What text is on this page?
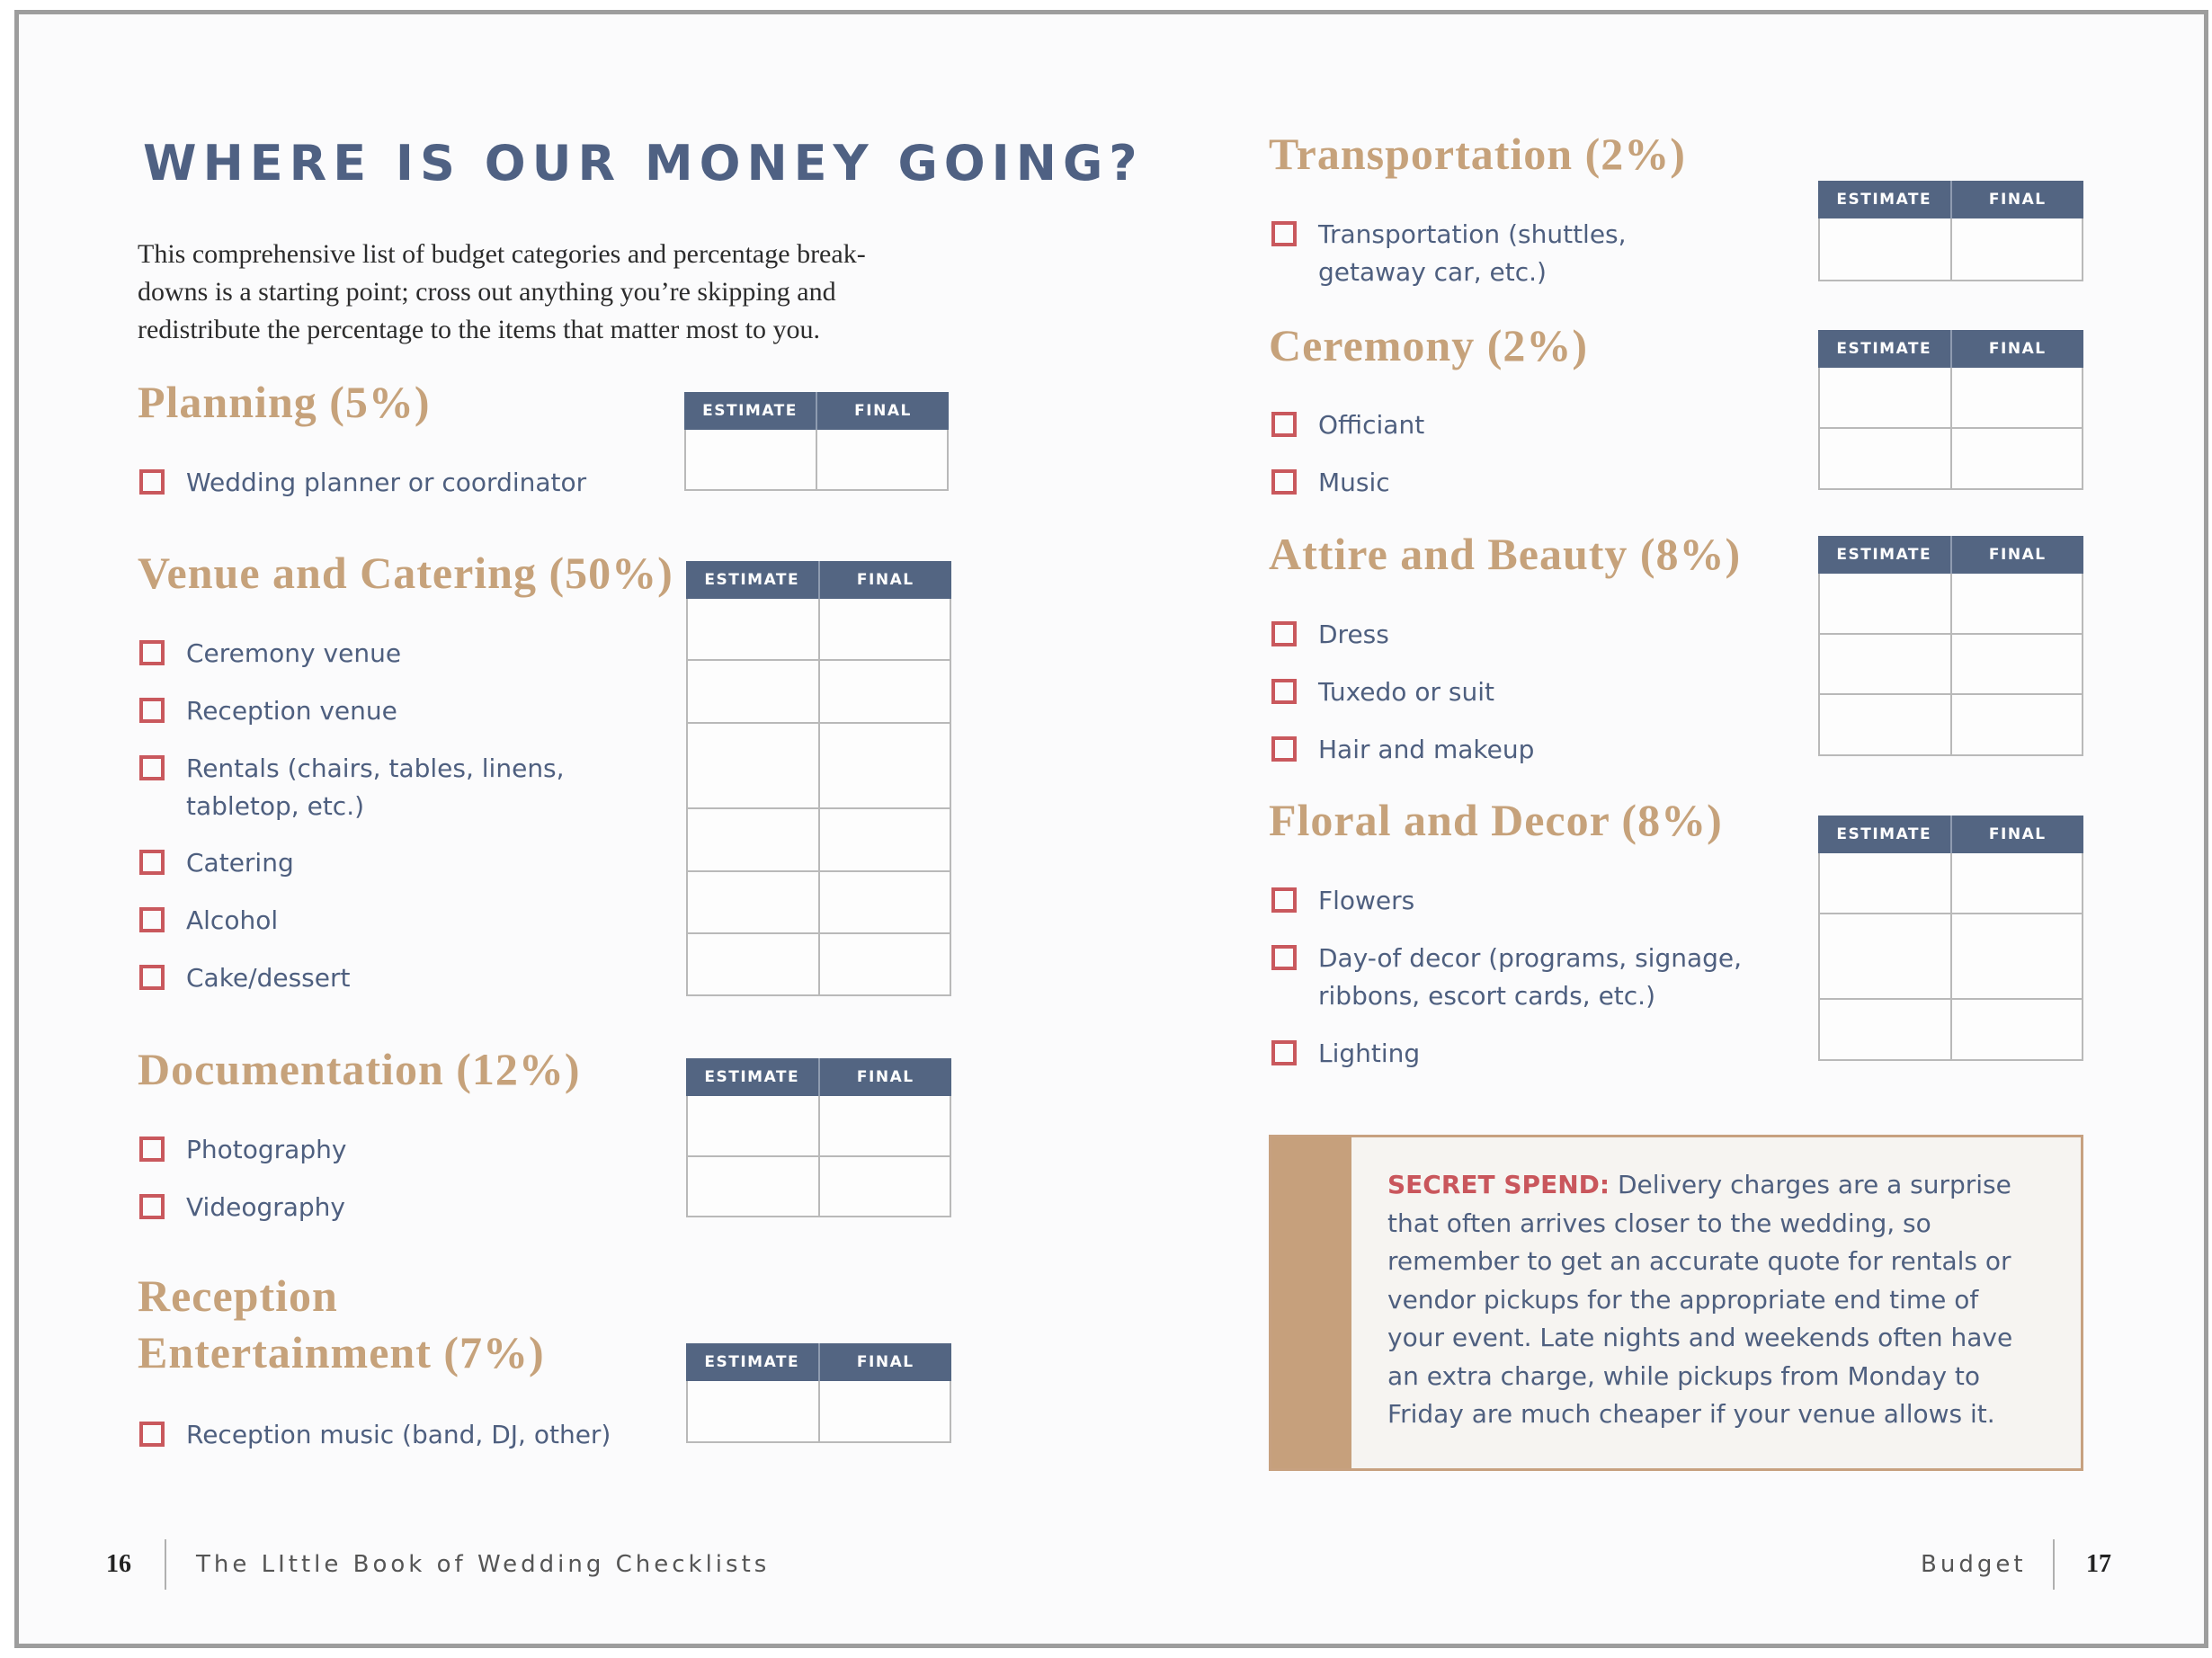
WHERE IS OUR MONEY GOING?
This comprehensive list of budget categories and percentage break-
downs is a starting point; cross out anything you’re skipping and
redistribute the percentage to the items that matter most to you.
Planning (5%)
Wedding planner or coordinator
ESTIMATE	FINAL
Venue and Catering (50%)
Ceremony venue
Reception venue
Rentals (chairs, tables, linens,
tabletop, etc.)
Catering
Alcohol
Cake/dessert
ESTIMATE	FINAL
Documentation (12%)
Photography
Videography
ESTIMATE	FINAL
Reception
Entertainment (7%)
Reception music (band, DJ, other)
ESTIMATE	FINAL
Transportation (2%)
Transportation (shuttles,
getaway car, etc.)
ESTIMATE	FINAL
Ceremony (2%)
Officiant
Music
ESTIMATE	FINAL
Attire and Beauty (8%)
Dress
Tuxedo or suit
Hair and makeup
ESTIMATE	FINAL
Floral and Decor (8%)
Flowers
Day-of decor (programs, signage,
ribbons, escort cards, etc.)
Lighting
ESTIMATE	FINAL
SECRET SPEND: Delivery charges are a surprise
that often arrives closer to the wedding, so
remember to get an accurate quote for rentals or
vendor pickups for the appropriate end time of
your event. Late nights and weekends often have
an extra charge, while pickups from Monday to
Friday are much cheaper if your venue allows it.
16	The LIttle Book of Wedding Checklists	Budget 17
